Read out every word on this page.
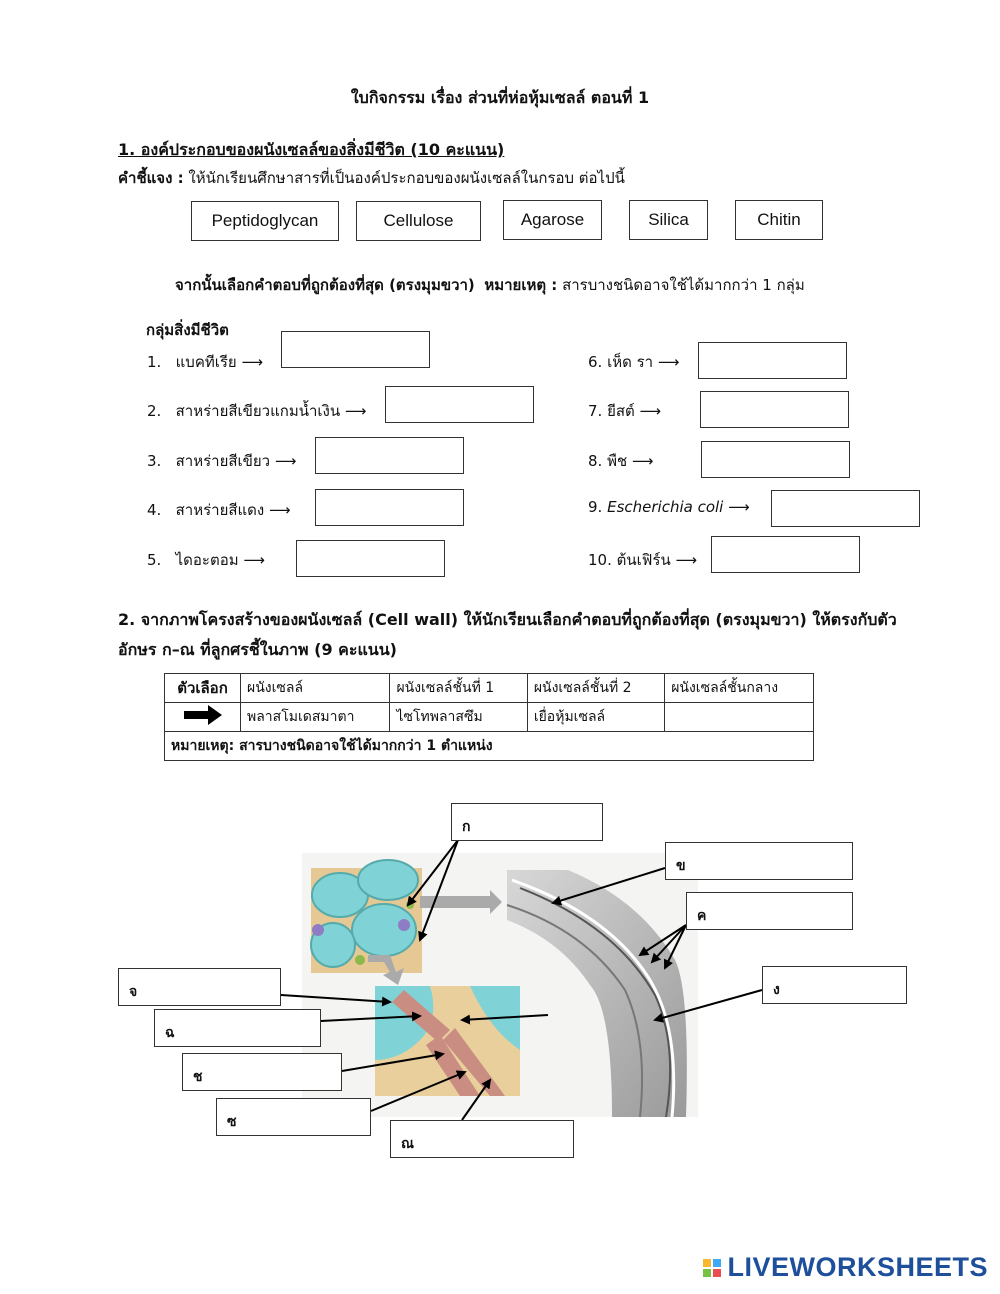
ใบกิจกรรม เรื่อง ส่วนที่ห่อหุ้มเซลล์ ตอนที่ 1
1. องค์ประกอบของผนังเซลล์ของสิ่งมีชีวิต (10 คะแนน)
คำชี้แจง : ให้นักเรียนศึกษาสารที่เป็นองค์ประกอบของผนังเซลล์ในกรอบ ต่อไปนี้
Peptidoglycan	Cellulose	Agarose	Silica	Chitin
จากนั้นเลือกคำตอบที่ถูกต้องที่สุด (ตรงมุมขวา) หมายเหตุ : สารบางชนิดอาจใช้ได้มากกว่า 1 กลุ่ม
กลุ่มสิ่งมีชีวิต
1. แบคทีเรีย ⟶
2. สาหร่ายสีเขียวแกมน้ำเงิน ⟶
3. สาหร่ายสีเขียว ⟶
4. สาหร่ายสีแดง ⟶
5. ไดอะตอม ⟶
6. เห็ด รา ⟶
7. ยีสต์ ⟶
8. พืช ⟶
9. Escherichia coli ⟶
10. ต้นเฟิร์น ⟶
2. จากภาพโครงสร้างของผนังเซลล์ (Cell wall) ให้นักเรียนเลือกคำตอบที่ถูกต้องที่สุด (ตรงมุมขวา) ให้ตรงกับตัวอักษร ก–ณ ที่ลูกศรชี้ในภาพ (9 คะแนน)
ตัวเลือก	ผนังเซลล์	ผนังเซลล์ชั้นที่ 1	ผนังเซลล์ชั้นที่ 2	ผนังเซลล์ชั้นกลาง
	พลาสโมเดสมาตา	ไซโทพลาสซึม	เยื่อหุ้มเซลล์	
หมายเหตุ: สารบางชนิดอาจใช้ได้มากกว่า 1 ตำแหน่ง				
ก
ข
ค
ง
จ
ฉ
ช
ซ
ณ
LIVEWORKSHEETS
